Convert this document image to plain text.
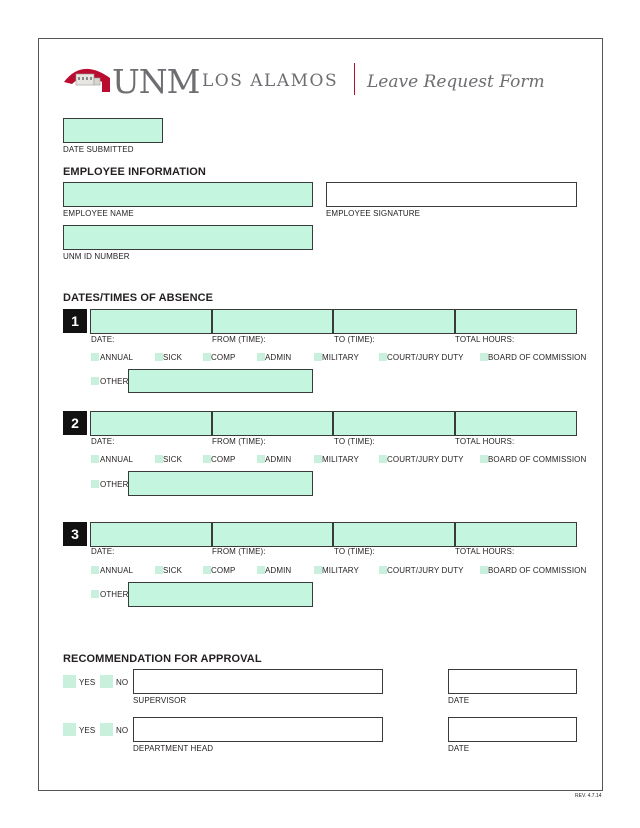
UNM LOS ALAMOS Leave Request Form
DATE SUBMITTED
EMPLOYEE INFORMATION
EMPLOYEE NAME	EMPLOYEE SIGNATURE
UNM ID NUMBER
DATES/TIMES OF ABSENCE
1
DATE:	FROM (TIME):	TO (TIME):	TOTAL HOURS:
ANNUAL	SICK	COMP	ADMIN	MILITARY	COURT/JURY DUTY	BOARD OF COMMISSION
OTHER
2
DATE:	FROM (TIME):	TO (TIME):	TOTAL HOURS:
ANNUAL	SICK	COMP	ADMIN	MILITARY	COURT/JURY DUTY	BOARD OF COMMISSION
OTHER
3
DATE:	FROM (TIME):	TO (TIME):	TOTAL HOURS:
ANNUAL	SICK	COMP	ADMIN	MILITARY	COURT/JURY DUTY	BOARD OF COMMISSION
OTHER
RECOMMENDATION FOR APPROVAL
YES	NO
SUPERVISOR	DATE
YES	NO
DEPARTMENT HEAD	DATE
REV. 4.7.14
